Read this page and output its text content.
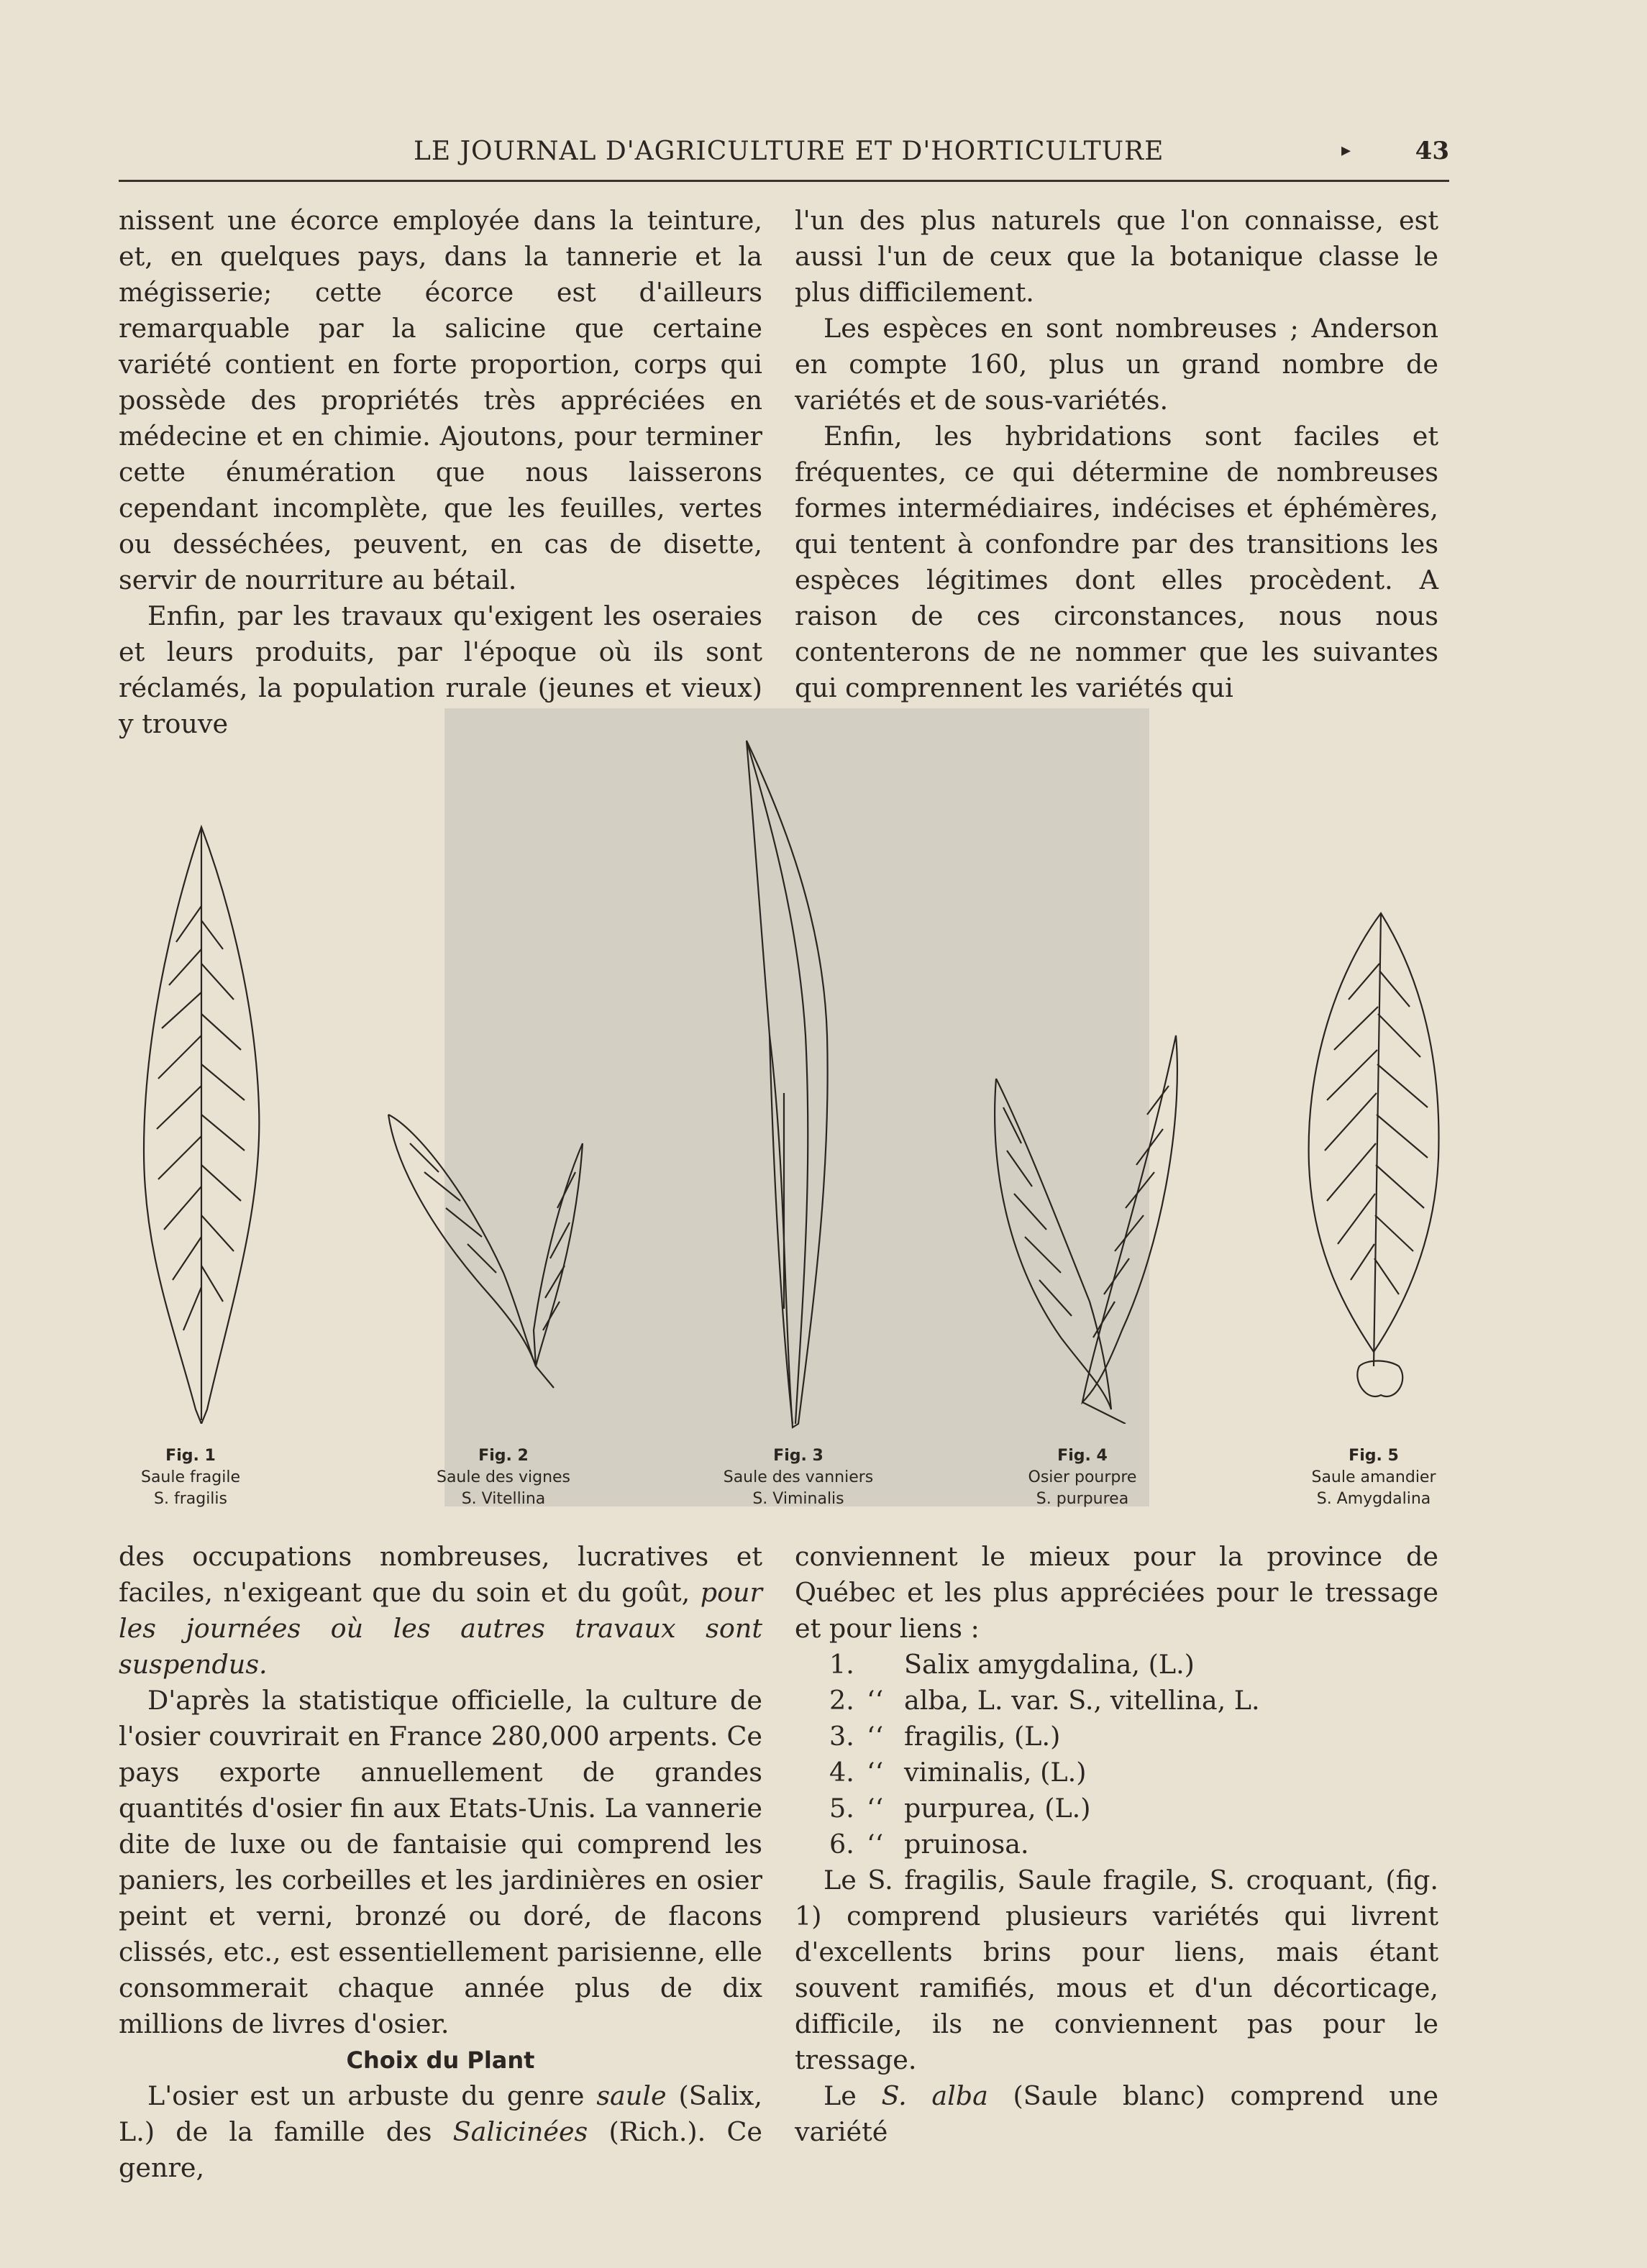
LE JOURNAL D'AGRICULTURE ET D'HORTICULTURE	▸	43

nissent une écorce employée dans la teinture, et, en quelques pays, dans la tannerie et la mégisserie; cette écorce est d'ailleurs remarquable par la salicine que certaine variété contient en forte proportion, corps qui possède des propriétés très appréciées en médecine et en chimie. Ajoutons, pour terminer cette énumération que nous laisserons cependant incomplète, que les feuilles, vertes ou desséchées, peuvent, en cas de disette, servir de nourriture au bétail.

Enfin, par les travaux qu'exigent les oseraies et leurs produits, par l'époque où ils sont réclamés, la population rurale (jeunes et vieux) y trouve

l'un des plus naturels que l'on connaisse, est aussi l'un de ceux que la botanique classe le plus difficilement.

Les espèces en sont nombreuses ; Anderson en compte 160, plus un grand nombre de variétés et de sous-variétés.

Enfin, les hybridations sont faciles et fréquentes, ce qui détermine de nombreuses formes intermédiaires, indécises et éphémères, qui tentent à confondre par des transitions les espèces légitimes dont elles procèdent. A raison de ces circonstances, nous nous contenterons de ne nommer que les suivantes qui comprennent les variétés qui

Fig. 1
Saule fragile
S. fragilis
Fig. 2
Saule des vignes
S. Vitellina
Fig. 3
Saule des vanniers
S. Viminalis
Fig. 4
Osier pourpre
S. purpurea
Fig. 5
Saule amandier
S. Amygdalina

des occupations nombreuses, lucratives et faciles, n'exigeant que du soin et du goût, pour les journées où les autres travaux sont suspendus.

D'après la statistique officielle, la culture de l'osier couvrirait en France 280,000 arpents. Ce pays exporte annuellement de grandes quantités d'osier fin aux Etats-Unis. La vannerie dite de luxe ou de fantaisie qui comprend les paniers, les corbeilles et les jardinières en osier peint et verni, bronzé ou doré, de flacons clissés, etc., est essentiellement parisienne, elle consommerait chaque année plus de dix millions de livres d'osier.

Choix du Plant

L'osier est un arbuste du genre saule (Salix, L.) de la famille des Salicinées (Rich.). Ce genre,

conviennent le mieux pour la province de Québec et les plus appréciées pour le tressage et pour liens :

1. Salix amygdalina, (L.)
2. ‘‘ alba, L. var. S., vitellina, L.
3. ‘‘ fragilis, (L.)
4. ‘‘ viminalis, (L.)
5. ‘‘ purpurea, (L.)
6. ‘‘ pruinosa.

Le S. fragilis, Saule fragile, S. croquant, (fig. 1) comprend plusieurs variétés qui livrent d'excellents brins pour liens, mais étant souvent ramifiés, mous et d'un décorticage, difficile, ils ne conviennent pas pour le tressage.

Le S. alba (Saule blanc) comprend une variété
